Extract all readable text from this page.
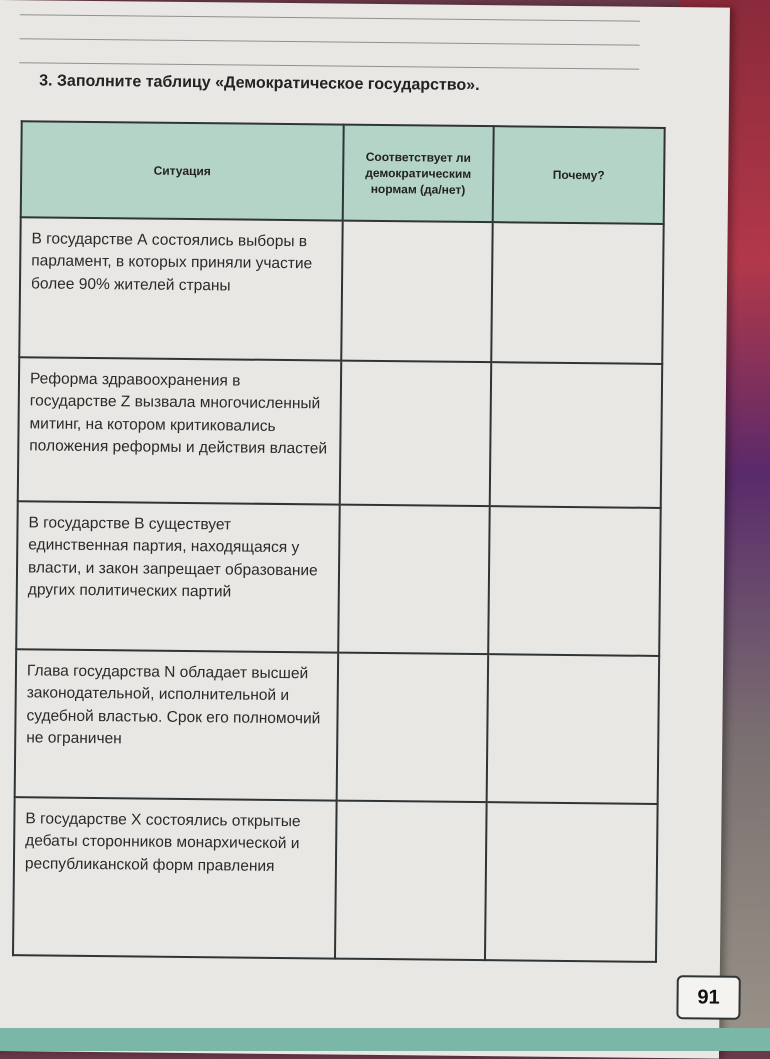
3. Заполните таблицу «Демократическое государство».
Ситуация	Соответствует ли демократическим нормам (да/нет)	Почему?
В государстве А состоялись выборы в парламент, в которых приняли участие более 90% жителей страны		
Реформа здравоохранения в государстве Z вызвала многочисленный митинг, на котором критиковались положения реформы и действия властей		
В государстве B существует единственная партия, находящаяся у власти, и закон запрещает образование других политических партий		
Глава государства N обладает высшей законодательной, исполнительной и судебной властью. Срок его полномочий не ограничен		
В государстве X состоялись открытые дебаты сторонников монархической и республиканской форм правления		
91
